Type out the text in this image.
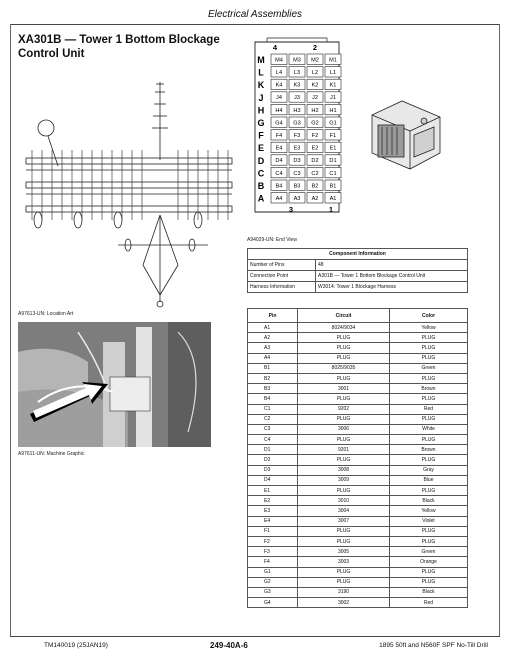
Electrical Assemblies
XA301B — Tower 1 Bottom Blockage Control Unit	M M4 M3 M2 M1
L L4 L3 L2 L1
K K4 K3 K2 K1
J J4 J3 J2 J1
H H4 H3 H2 H1
G G4 G3 G2 G1
F F4 F3 F2 F1
E E4 E3 E2 E1
D D4 D3 D2 D1
C C4 C3 C2 C1
B B4 B3 B2 B1
A A4 A3 A2 A1
4	2
3	1
A94029-UN: End View
A97613-UN: Location Art
A97611-UN: Machine Graphic
Component Information	
Number of Pins	48
Connection Point	A301B — Tower 1 Bottom Blockage Control Unit
Harness Information	W3014: Tower 1 Blockage Harness
Pin	Circuit	Color
A1	8024/9034	Yellow
A2	PLUG	PLUG
A3	PLUG	PLUG
A4	PLUG	PLUG
B1	8025/9035	Green
B2	PLUG	PLUG
B3	3001	Brown
B4	PLUG	PLUG
C1	9202	Red
C2	PLUG	PLUG
C3	3006	White
C4	PLUG	PLUG
D1	9201	Brown
D2	PLUG	PLUG
D3	3008	Gray
D4	3009	Blue
E1	PLUG	PLUG
E2	3010	Black
E3	3004	Yellow
E4	3007	Violet
F1	PLUG	PLUG
F2	PLUG	PLUG
F3	3005	Green
F4	3003	Orange
G1	PLUG	PLUG
G2	PLUG	PLUG
G3	3190	Black
G4	3002	Red
TM140019 (25JAN19)	249-40A-6	1895 50ft and N560F SPF No-Till Drill
